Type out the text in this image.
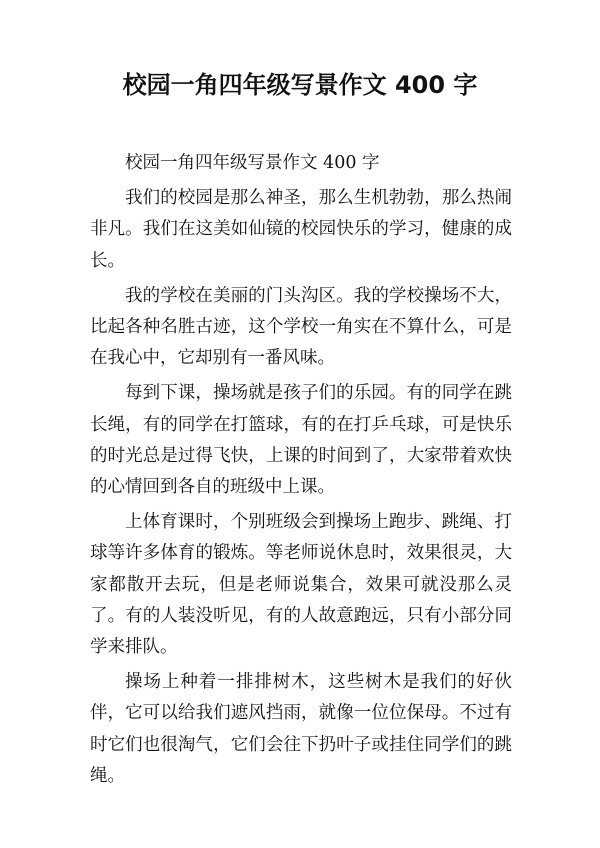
校园一角四年级写景作文 400 字

校园一角四年级写景作文 400 字

我们的校园是那么神圣，那么生机勃勃，那么热闹非凡。我们在这美如仙镜的校园快乐的学习，健康的成长。

我的学校在美丽的门头沟区。我的学校操场不大，比起各种名胜古迹，这个学校一角实在不算什么，可是在我心中，它却别有一番风味。

每到下课，操场就是孩子们的乐园。有的同学在跳长绳，有的同学在打篮球，有的在打乒乓球，可是快乐的时光总是过得飞快，上课的时间到了，大家带着欢快的心情回到各自的班级中上课。

上体育课时，个别班级会到操场上跑步、跳绳、打球等许多体育的锻炼。等老师说休息时，效果很灵，大家都散开去玩，但是老师说集合，效果可就没那么灵了。有的人装没听见，有的人故意跑远，只有小部分同学来排队。

操场上种着一排排树木，这些树木是我们的好伙伴，它可以给我们遮风挡雨，就像一位位保母。不过有时它们也很淘气，它们会往下扔叶子或挂住同学们的跳绳。
